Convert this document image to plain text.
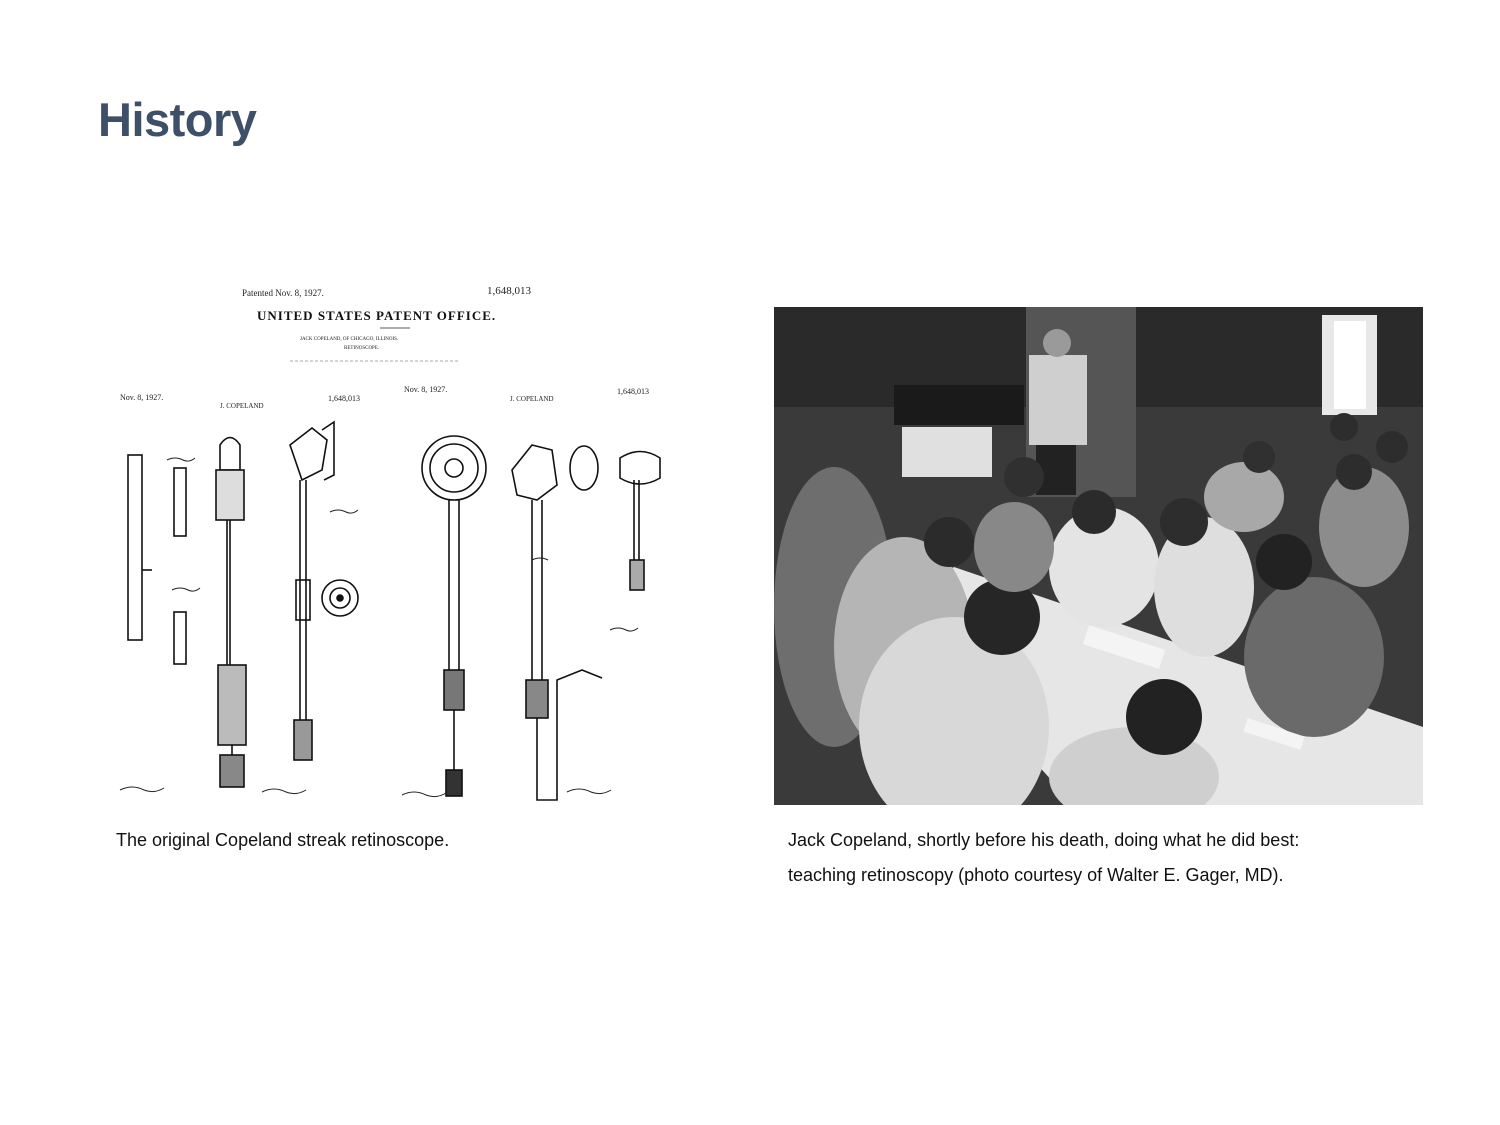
History
Patented Nov. 8, 1927.	1,648,013
UNITED STATES PATENT OFFICE.
JACK COPELAND, OF CHICAGO, ILLINOIS.
RETINOSCOPE.
Nov. 8, 1927.
J. COPELAND
1,648,013
Nov. 8, 1927.
J. COPELAND
1,648,013

The original Copeland streak retinoscope.	Jack Copeland, shortly before his death, doing what he did best:
teaching retinoscopy (photo courtesy of Walter E. Gager, MD).
